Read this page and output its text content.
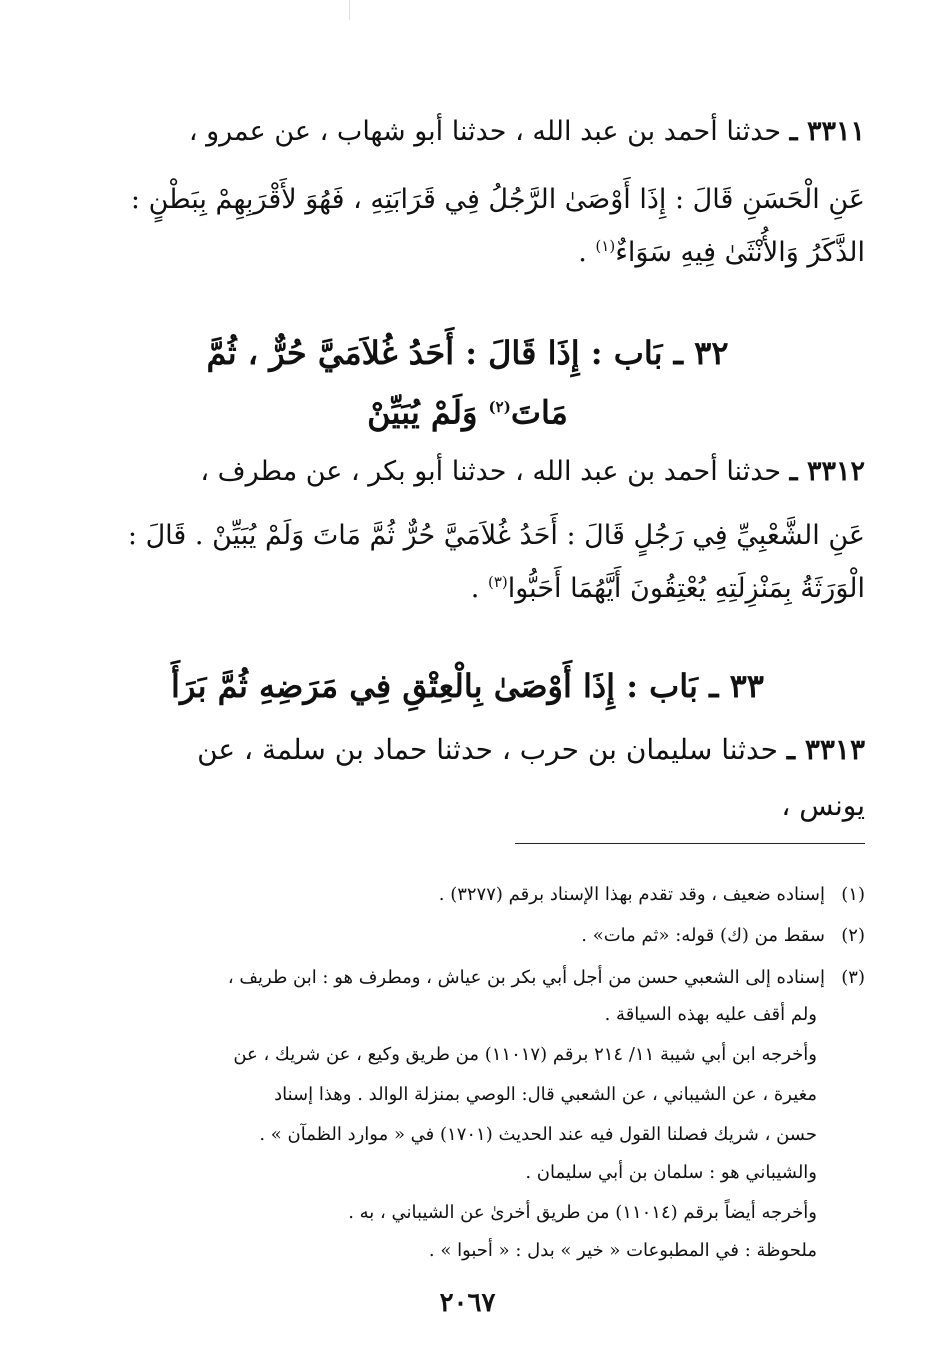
٣٣١١ ـ حدثنا أحمد بن عبد الله ، حدثنا أبو شهاب ، عن عمرو ،
عَنِ الْحَسَنِ قَالَ : إِذَا أَوْصَىٰ الرَّجُلُ فِي قَرَابَتِهِ ، فَهُوَ لأَقْرَبِهِمْ بِبَطْنٍ :
الذَّكَرُ وَالأُنْثَىٰ فِيهِ سَوَاءٌ$^{(١)}$ .
٣٢ ـ بَاب : إِذَا قَالَ : أَحَدُ غُلاَمَيَّ حُرٌّ ، ثُمَّ
مَاتَ$^{(٢)}$ وَلَمْ يُبَيِّنْ
٣٣١٢ ـ حدثنا أحمد بن عبد الله ، حدثنا أبو بكر ، عن مطرف ،
عَنِ الشَّعْبِيِّ فِي رَجُلٍ قَالَ : أَحَدُ غُلاَمَيَّ حُرٌّ ثُمَّ مَاتَ وَلَمْ يُبَيِّنْ . قَالَ :
الْوَرَثَةُ بِمَنْزِلَتِهِ يُعْتِقُونَ أَيَّهُمَا أَحَبُّوا$^{(٣)}$ .
٣٣ ـ بَاب : إِذَا أَوْصَىٰ بِالْعِتْقِ فِي مَرَضِهِ ثُمَّ بَرَأَ
٣٣١٣ ـ حدثنا سليمان بن حرب ، حدثنا حماد بن سلمة ، عن
يونس ،
(١)إسناده ضعيف ، وقد تقدم بهذا الإسناد برقم (٣٢٧٧) .
(٢)سقط من (ك) قوله: «ثم مات» .
(٣)إسناده إلى الشعبي حسن من أجل أبي بكر بن عياش ، ومطرف هو : ابن طريف ،
ولم أقف عليه بهذه السياقة .
وأخرجه ابن أبي شيبة ١١/ ٢١٤ برقم (١١٠١٧) من طريق وكيع ، عن شريك ، عن
مغيرة ، عن الشيباني ، عن الشعبي قال: الوصي بمنزلة الوالد . وهذا إسناد
حسن ، شريك فصلنا القول فيه عند الحديث (١٧٠١) في « موارد الظمآن » .
والشيباني هو : سلمان بن أبي سليمان .
وأخرجه أيضاً برقم (١١٠١٤) من طريق أخرىٰ عن الشيباني ، به .
ملحوظة : في المطبوعات « خير » بدل : « أحبوا » .
٢٠٦٧
